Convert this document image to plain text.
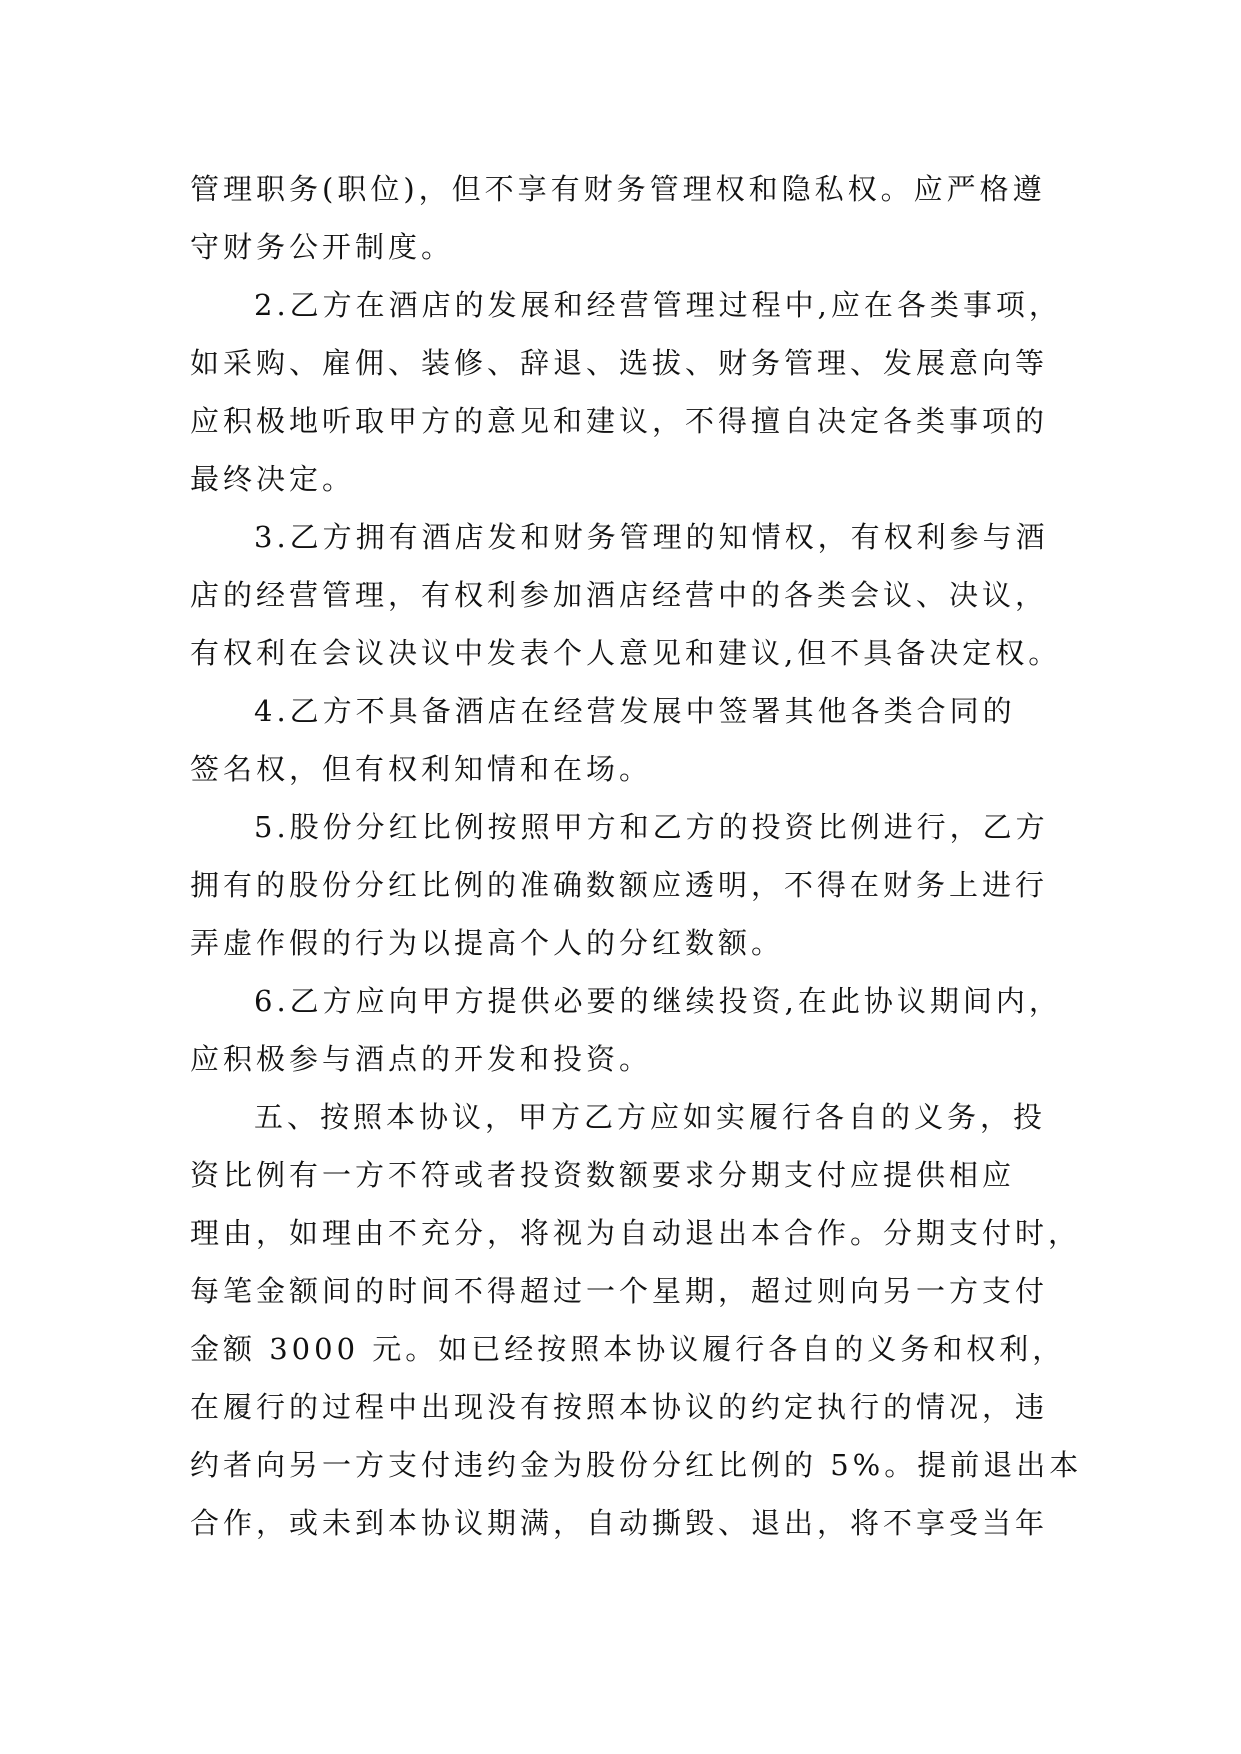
管理职务(职位)，但不享有财务管理权和隐私权。应严格遵
守财务公开制度。
2.乙方在酒店的发展和经营管理过程中,应在各类事项，
如采购、雇佣、装修、辞退、选拔、财务管理、发展意向等
应积极地听取甲方的意见和建议，不得擅自决定各类事项的
最终决定。
3.乙方拥有酒店发和财务管理的知情权，有权利参与酒
店的经营管理，有权利参加酒店经营中的各类会议、决议，
有权利在会议决议中发表个人意见和建议,但不具备决定权。
4.乙方不具备酒店在经营发展中签署其他各类合同的
签名权，但有权利知情和在场。
5.股份分红比例按照甲方和乙方的投资比例进行，乙方
拥有的股份分红比例的准确数额应透明，不得在财务上进行
弄虚作假的行为以提高个人的分红数额。
6.乙方应向甲方提供必要的继续投资,在此协议期间内，
应积极参与酒点的开发和投资。
五、按照本协议，甲方乙方应如实履行各自的义务，投
资比例有一方不符或者投资数额要求分期支付应提供相应
理由，如理由不充分，将视为自动退出本合作。分期支付时，
每笔金额间的时间不得超过一个星期，超过则向另一方支付
金额 3000 元。如已经按照本协议履行各自的义务和权利，
在履行的过程中出现没有按照本协议的约定执行的情况，违
约者向另一方支付违约金为股份分红比例的 5%。提前退出本
合作，或未到本协议期满，自动撕毁、退出，将不享受当年
